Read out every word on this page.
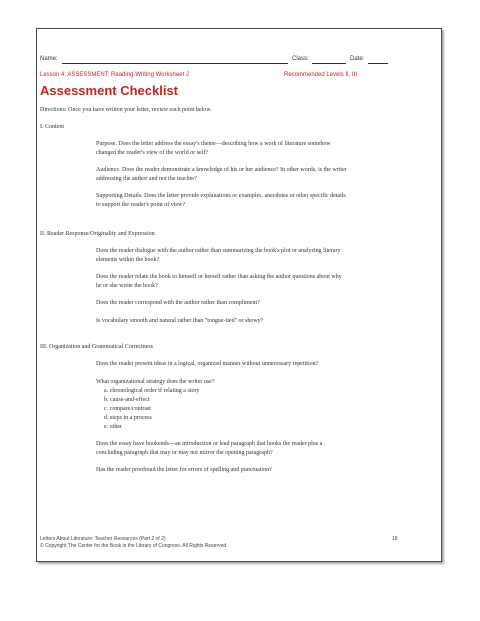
Name:	Class:	Date:
Lesson 4: ASSESSMENT: Reading-Writing Worksheet J	Recommended Levels II, III
Assessment Checklist
Directions: Once you have written your letter, review each point below.
I. Content
Purpose. Does the letter address the essay's theme—describing how a work of literature somehow
changed the reader's view of the world or self?
Audience. Does the reader demonstrate a knowledge of his or her audience? In other words, is the writer
addressing the author and not the teacher?
Supporting Details. Does the letter provide explanations or examples, anecdotes or other specific details
to support the reader's point of view?
II. Reader Response/Originality and Expression
Does the reader dialogue with the author rather than summarizing the book's plot or analyzing literary
elements within the book?
Does the reader relate the book to himself or herself rather than asking the author questions about why
he or she wrote the book?
Does the reader correspond with the author rather than compliment?
Is vocabulary smooth and natural rather than "tongue-tied" or showy?
III. Organization and Grammatical Correctness
Does the reader present ideas in a logical, organized manner without unnecessary repetition?
What organizational strategy does the writer use?
a. chronological order if relating a story
b. cause-and-effect
c. compare/contrast
d. steps in a process
e. other
Does the essay have bookends—an introduction or lead paragraph that hooks the reader plus a
concluding paragraph that may or may not mirror the opening paragraph?
Has the reader proofread the letter for errors of spelling and punctuation?
Letters About Literature: Teacher Resources (Part 2 of 2)
© Copyright The Center for the Book in the Library of Congress. All Rights Reserved.
18
